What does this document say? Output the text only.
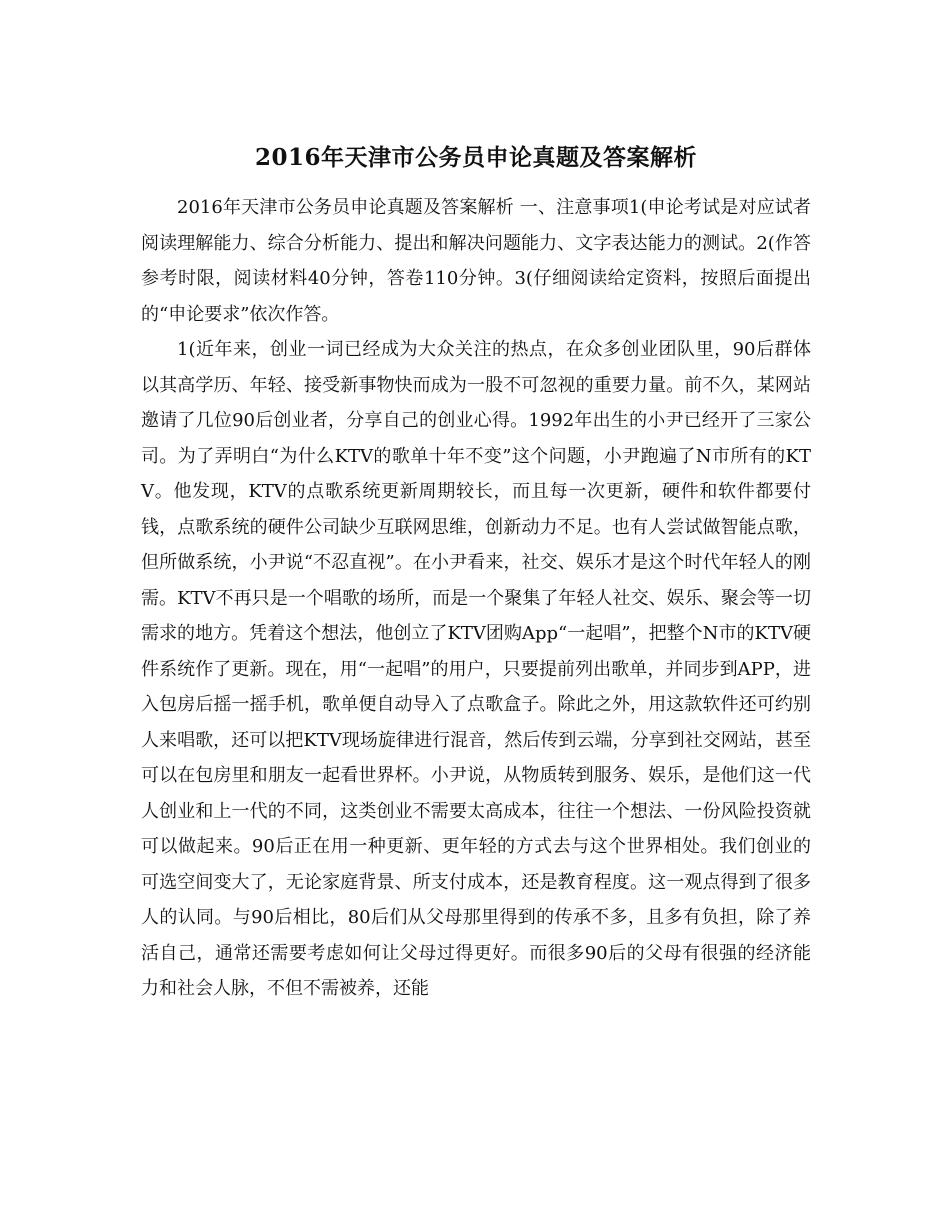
2016年天津市公务员申论真题及答案解析

2016年天津市公务员申论真题及答案解析 一、注意事项1(申论考试是对应试者阅读理解能力、综合分析能力、提出和解决问题能力、文字表达能力的测试。2(作答参考时限，阅读材料40分钟，答卷110分钟。3(仔细阅读给定资料，按照后面提出的“申论要求”依次作答。

1(近年来，创业一词已经成为大众关注的热点，在众多创业团队里，90后群体以其高学历、年轻、接受新事物快而成为一股不可忽视的重要力量。前不久，某网站邀请了几位90后创业者，分享自己的创业心得。1992年出生的小尹已经开了三家公司。为了弄明白“为什么KTV的歌单十年不变”这个问题，小尹跑遍了N市所有的KTV。他发现，KTV的点歌系统更新周期较长，而且每一次更新，硬件和软件都要付钱，点歌系统的硬件公司缺少互联网思维，创新动力不足。也有人尝试做智能点歌，但所做系统，小尹说“不忍直视”。在小尹看来，社交、娱乐才是这个时代年轻人的刚需。KTV不再只是一个唱歌的场所，而是一个聚集了年轻人社交、娱乐、聚会等一切需求的地方。凭着这个想法，他创立了KTV团购App“一起唱”，把整个N市的KTV硬件系统作了更新。现在，用“一起唱”的用户，只要提前列出歌单，并同步到APP，进入包房后摇一摇手机，歌单便自动导入了点歌盒子。除此之外，用这款软件还可约别人来唱歌，还可以把KTV现场旋律进行混音，然后传到云端，分享到社交网站，甚至可以在包房里和朋友一起看世界杯。小尹说，从物质转到服务、娱乐，是他们这一代人创业和上一代的不同，这类创业不需要太高成本，往往一个想法、一份风险投资就可以做起来。90后正在用一种更新、更年轻的方式去与这个世界相处。我们创业的可选空间变大了，无论家庭背景、所支付成本，还是教育程度。这一观点得到了很多人的认同。与90后相比，80后们从父母那里得到的传承不多，且多有负担，除了养活自己，通常还需要考虑如何让父母过得更好。而很多90后的父母有很强的经济能力和社会人脉，不但不需被养，还能
